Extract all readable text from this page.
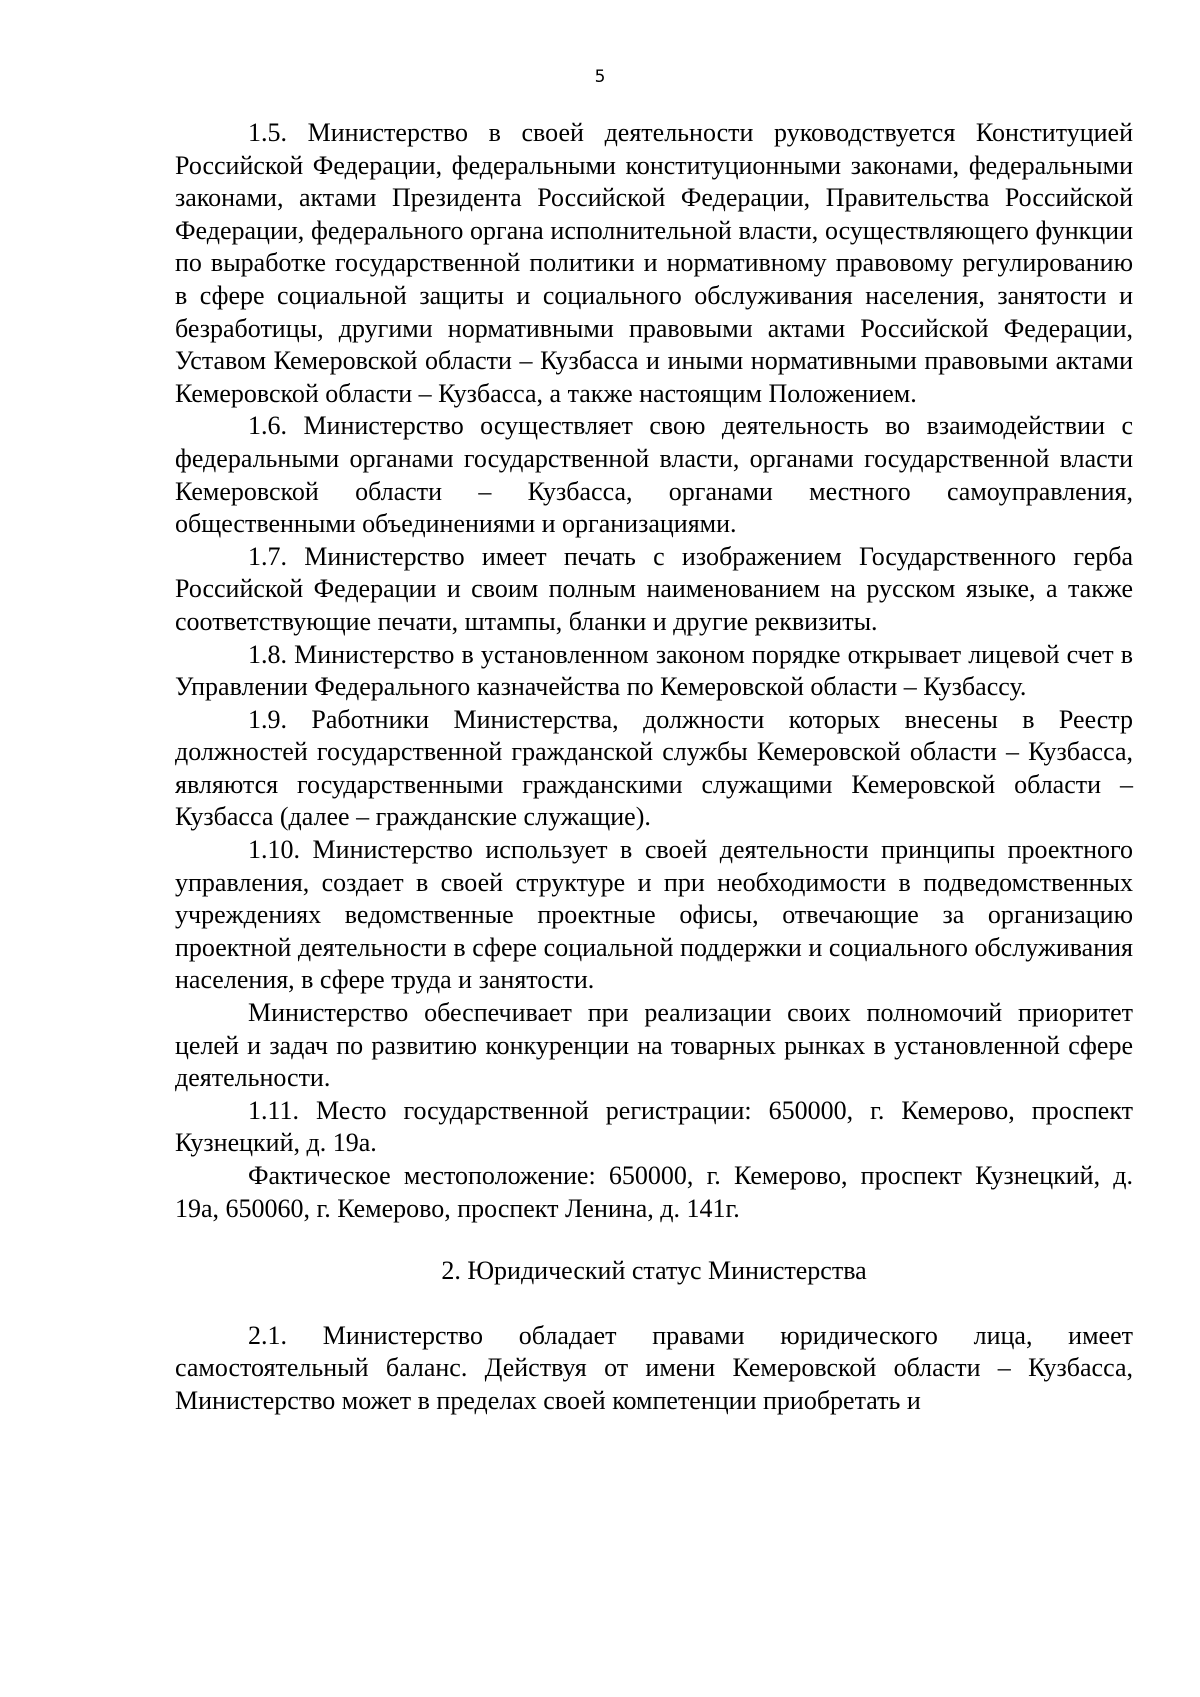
5

1.5. Министерство в своей деятельности руководствуется Конституцией Российской Федерации, федеральными конституционными законами, федеральными законами, актами Президента Российской Федерации, Правительства Российской Федерации, федерального органа исполнительной власти, осуществляющего функции по выработке государственной политики и нормативному правовому регулированию в сфере социальной защиты и социального обслуживания населения, занятости и безработицы, другими нормативными правовыми актами Российской Федерации, Уставом Кемеровской области – Кузбасса и иными нормативными правовыми актами Кемеровской области – Кузбасса, а также настоящим Положением.

1.6. Министерство осуществляет свою деятельность во взаимодействии с федеральными органами государственной власти, органами государственной власти Кемеровской области – Кузбасса, органами местного самоуправления, общественными объединениями и организациями.

1.7. Министерство имеет печать с изображением Государственного герба Российской Федерации и своим полным наименованием на русском языке, а также соответствующие печати, штампы, бланки и другие реквизиты.

1.8. Министерство в установленном законом порядке открывает лицевой счет в Управлении Федерального казначейства по Кемеровской области – Кузбассу.

1.9. Работники Министерства, должности которых внесены в Реестр должностей государственной гражданской службы Кемеровской области – Кузбасса, являются государственными гражданскими служащими Кемеровской области – Кузбасса (далее – гражданские служащие).

1.10. Министерство использует в своей деятельности принципы проектного управления, создает в своей структуре и при необходимости в подведомственных учреждениях ведомственные проектные офисы, отвечающие за организацию проектной деятельности в сфере социальной поддержки и социального обслуживания населения, в сфере труда и занятости.

Министерство обеспечивает при реализации своих полномочий приоритет целей и задач по развитию конкуренции на товарных рынках в установленной сфере деятельности.

1.11. Место государственной регистрации: 650000, г. Кемерово, проспект Кузнецкий, д. 19а.

Фактическое местоположение: 650000, г. Кемерово, проспект Кузнецкий, д. 19а, 650060, г. Кемерово, проспект Ленина, д. 141г.

2. Юридический статус Министерства

2.1. Министерство обладает правами юридического лица, имеет самостоятельный баланс. Действуя от имени Кемеровской области – Кузбасса, Министерство может в пределах своей компетенции приобретать и
